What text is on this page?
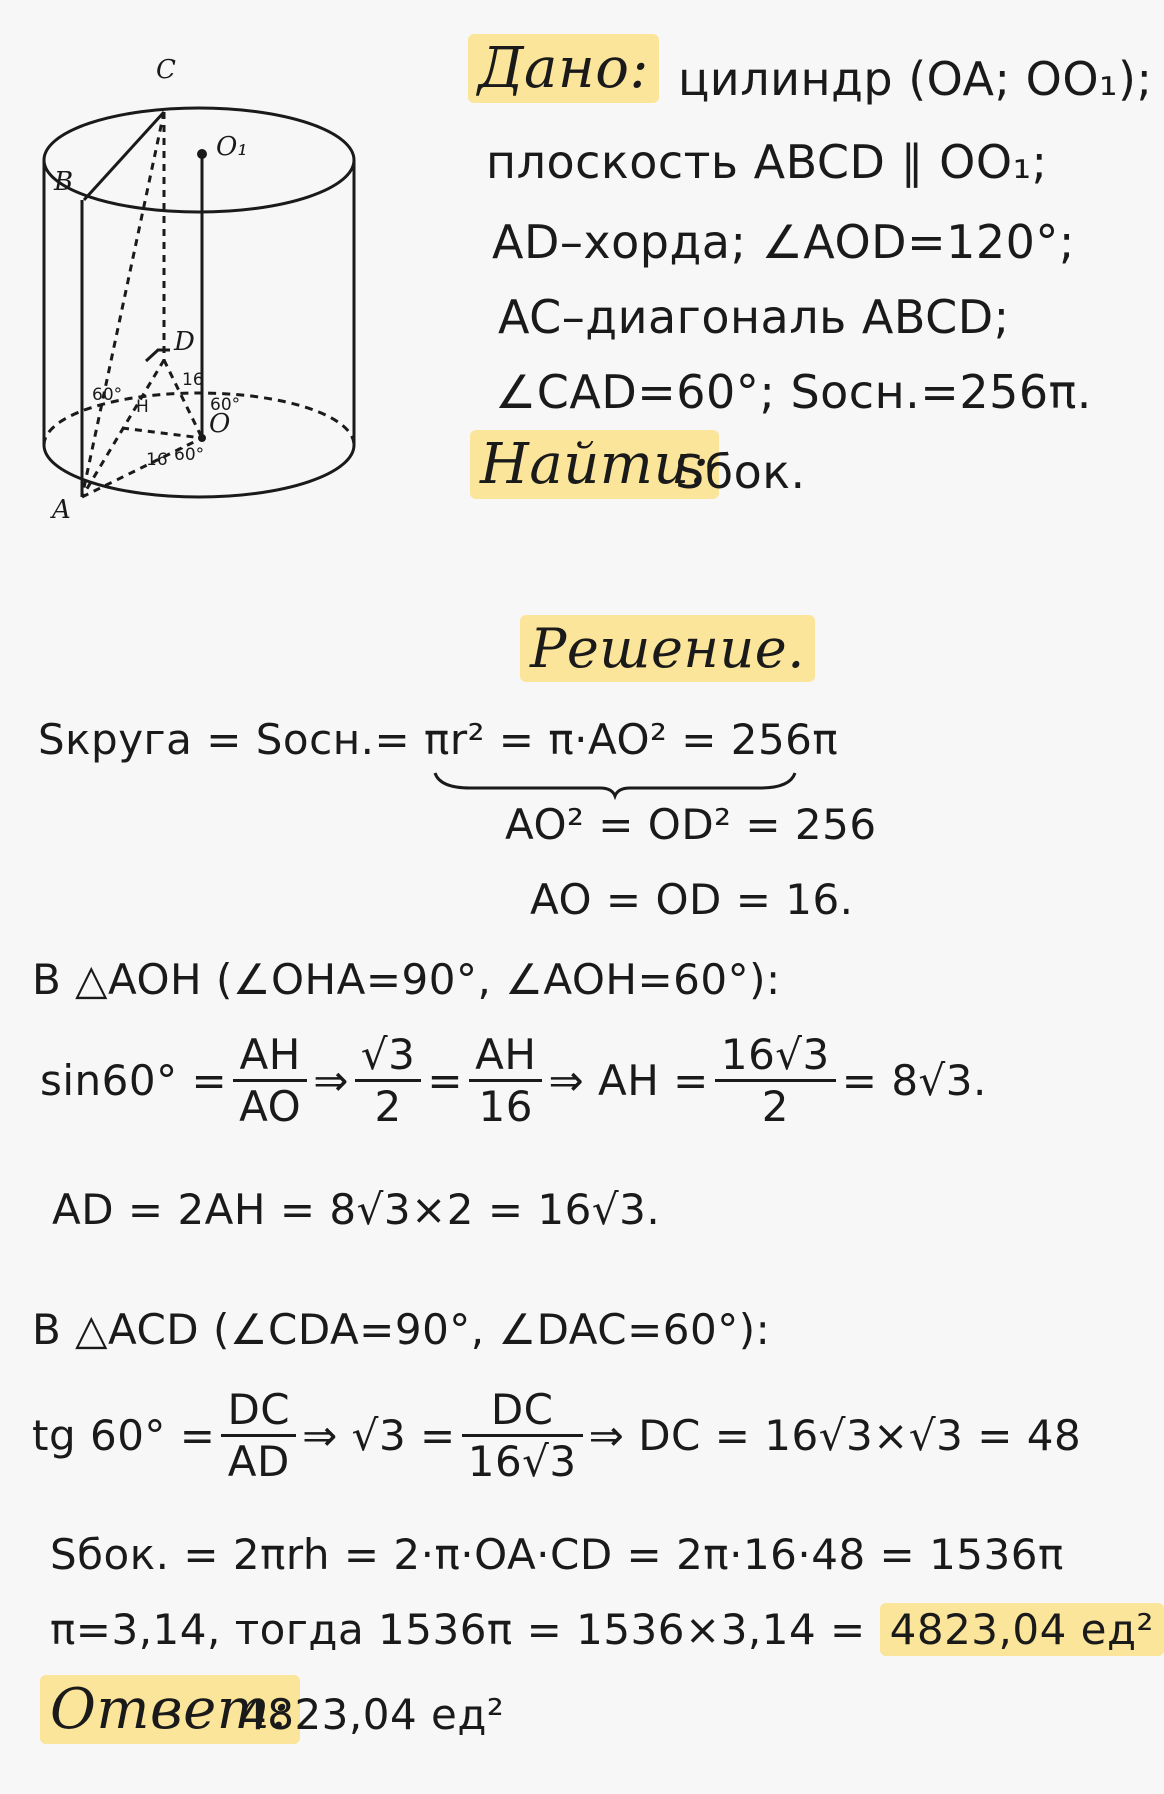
C
B
O₁
D
A
O
60°
H
16
60°
60°
16
Дано: цилиндр (OA; OO₁);
плоскость ABCD ∥ OO₁;
AD–хорда; ∠AOD=120°;
AC–диагональ ABCD;
∠CAD=60°; Sосн.=256π.
Найти:
Sбок.
Решение.
Sкруга = Sосн.= πr² = π·AO² = 256π
AO² = OD² = 256
AO = OD = 16.
В △AOH (∠OHA=90°, ∠AOH=60°):
$\sin 60^\circ = \frac{AH}{AO}$ ⇒ $\frac{√3}{2} = \frac{AH}{16}$ ⇒ AH = $\frac{16√3}{2} = 8√3$.
AD = 2AH = 8√3×2 = 16√3.
В △ACD (∠CDA=90°, ∠DAC=60°):
tg $60^\circ = \frac{DC}{AD}$ ⇒ $√3 = \frac{DC}{16√3}$ ⇒ DC = 16√3×√3 = 48
Sбок. = 2πrh = 2·π·OA·CD = 2π·16·48 = 1536π
π=3,14, тогда 1536π = 1536×3,14 = 4823,04 ед²
Ответ:
4823,04 ед²
